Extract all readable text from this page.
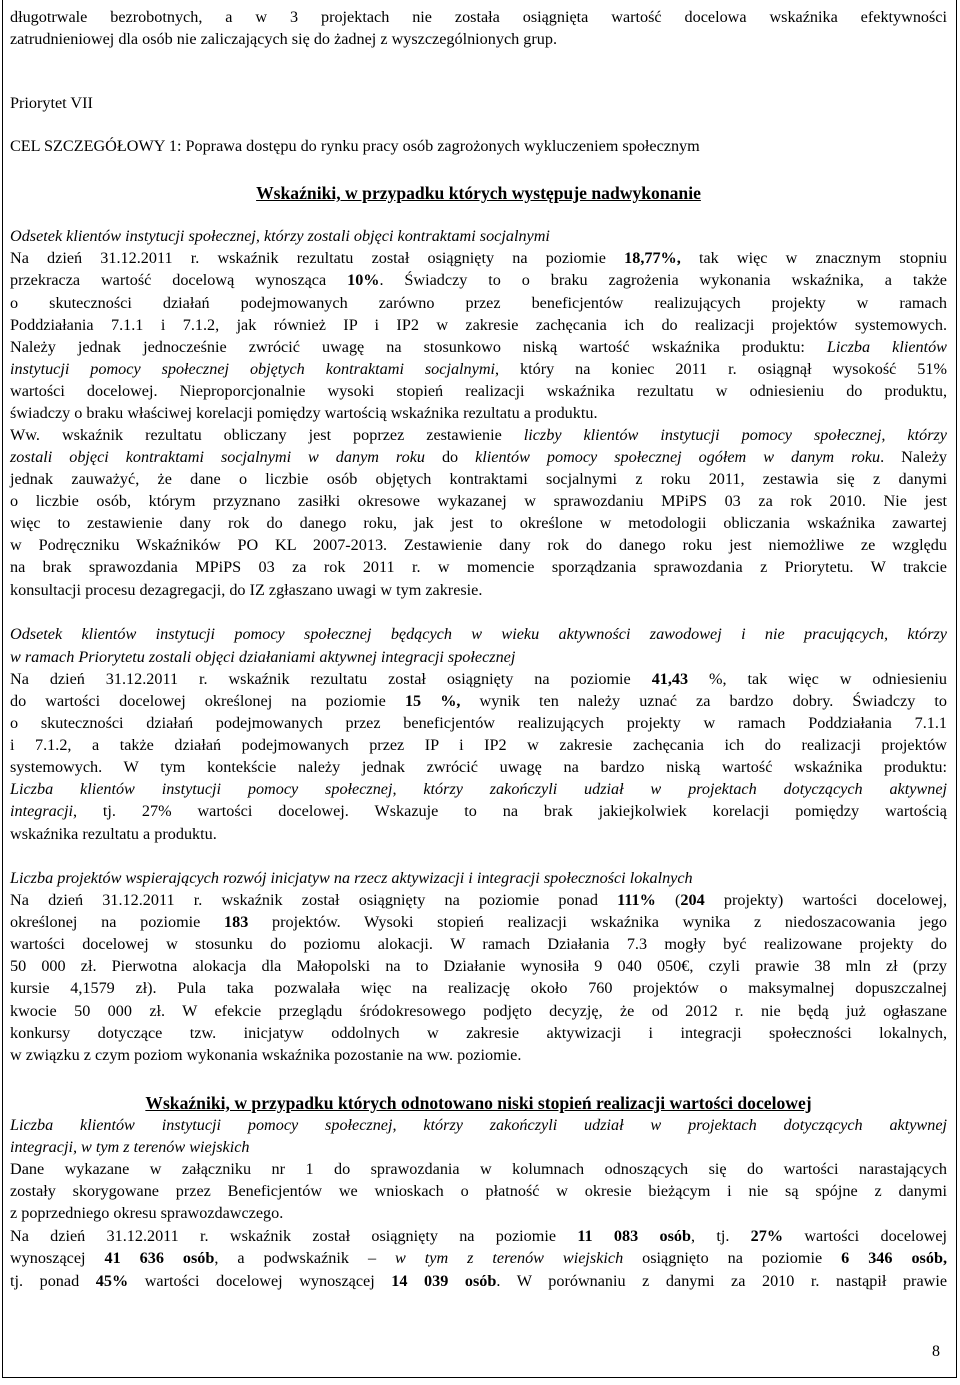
długotrwale bezrobotnych, a w 3 projektach nie została osiągnięta wartość docelowa wskaźnika efektywności
zatrudnieniowej dla osób nie zaliczających się do żadnej z wyszczególnionych grup.
Priorytet VII
CEL SZCZEGÓŁOWY 1: Poprawa dostępu do rynku pracy osób zagrożonych wykluczeniem społecznym
Wskaźniki, w przypadku których występuje nadwykonanie
Odsetek klientów instytucji społecznej, którzy zostali objęci kontraktami socjalnymi
Na dzień 31.12.2011 r. wskaźnik rezultatu został osiągnięty na poziomie 18,77%, tak więc w znacznym stopniu
przekracza wartość docelową wynosząca 10%. Świadczy to o braku zagrożenia wykonania wskaźnika, a także
o skuteczności działań podejmowanych zarówno przez beneficjentów realizujących projekty w ramach
Poddziałania 7.1.1 i 7.1.2, jak również IP i IP2 w zakresie zachęcania ich do realizacji projektów systemowych.
Należy jednak jednocześnie zwrócić uwagę na stosunkowo niską wartość wskaźnika produktu: Liczba klientów
instytucji pomocy społecznej objętych kontraktami socjalnymi, który na koniec 2011 r. osiągnął wysokość 51%
wartości docelowej. Nieproporcjonalnie wysoki stopień realizacji wskaźnika rezultatu w odniesieniu do produktu,
świadczy o braku właściwej korelacji pomiędzy wartością wskaźnika rezultatu a produktu.
Ww. wskaźnik rezultatu obliczany jest poprzez zestawienie liczby klientów instytucji pomocy społecznej, którzy
zostali objęci kontraktami socjalnymi w danym roku do klientów pomocy społecznej ogółem w danym roku. Należy
jednak zauważyć, że dane o liczbie osób objętych kontraktami socjalnymi z roku 2011, zestawia się z danymi
o liczbie osób, którym przyznano zasiłki okresowe wykazanej w sprawozdaniu MPiPS 03 za rok 2010. Nie jest
więc to zestawienie dany rok do danego roku, jak jest to określone w metodologii obliczania wskaźnika zawartej
w Podręczniku Wskaźników PO KL 2007-2013. Zestawienie dany rok do danego roku jest niemożliwe ze względu
na brak sprawozdania MPiPS 03 za rok 2011 r. w momencie sporządzania sprawozdania z Priorytetu. W trakcie
konsultacji procesu dezagregacji, do IZ zgłaszano uwagi w tym zakresie.
Odsetek klientów instytucji pomocy społecznej będących w wieku aktywności zawodowej i nie pracujących, którzy
w ramach Priorytetu zostali objęci działaniami aktywnej integracji społecznej
Na dzień 31.12.2011 r. wskaźnik rezultatu został osiągnięty na poziomie 41,43 %, tak więc w odniesieniu
do wartości docelowej określonej na poziomie 15 %, wynik ten należy uznać za bardzo dobry. Świadczy to
o skuteczności działań podejmowanych przez beneficjentów realizujących projekty w ramach Poddziałania 7.1.1
i 7.1.2, a także działań podejmowanych przez IP i IP2 w zakresie zachęcania ich do realizacji projektów
systemowych. W tym kontekście należy jednak zwrócić uwagę na bardzo niską wartość wskaźnika produktu:
Liczba klientów instytucji pomocy społecznej, którzy zakończyli udział w projektach dotyczących aktywnej
integracji, tj. 27% wartości docelowej. Wskazuje to na brak jakiejkolwiek korelacji pomiędzy wartością
wskaźnika rezultatu a produktu.
Liczba projektów wspierających rozwój inicjatyw na rzecz aktywizacji i integracji społeczności lokalnych
Na dzień 31.12.2011 r. wskaźnik został osiągnięty na poziomie ponad 111% (204 projekty) wartości docelowej,
określonej na poziomie 183 projektów. Wysoki stopień realizacji wskaźnika wynika z niedoszacowania jego
wartości docelowej w stosunku do poziomu alokacji. W ramach Działania 7.3 mogły być realizowane projekty do
50 000 zł. Pierwotna alokacja dla Małopolski na to Działanie wynosiła 9 040 050€, czyli prawie 38 mln zł (przy
kursie 4,1579 zł). Pula taka pozwalała więc na realizację około 760 projektów o maksymalnej dopuszczalnej
kwocie 50 000 zł. W efekcie przeglądu śródokresowego podjęto decyzję, że od 2012 r. nie będą już ogłaszane
konkursy dotyczące tzw. inicjatyw oddolnych w zakresie aktywizacji i integracji społeczności lokalnych,
w związku z czym poziom wykonania wskaźnika pozostanie na ww. poziomie.
Wskaźniki, w przypadku których odnotowano niski stopień realizacji wartości docelowej
Liczba klientów instytucji pomocy społecznej, którzy zakończyli udział w projektach dotyczących aktywnej
integracji, w tym z terenów wiejskich
Dane wykazane w załączniku nr 1 do sprawozdania w kolumnach odnoszących się do wartości narastających
zostały skorygowane przez Beneficjentów we wnioskach o płatność w okresie bieżącym i nie są spójne z danymi
z poprzedniego okresu sprawozdawczego.
Na dzień 31.12.2011 r. wskaźnik został osiągnięty na poziomie 11 083 osób, tj. 27% wartości docelowej
wynoszącej 41 636 osób, a podwskaźnik – w tym z terenów wiejskich osiągnięto na poziomie 6 346 osób,
tj. ponad 45% wartości docelowej wynoszącej 14 039 osób. W porównaniu z danymi za 2010 r. nastąpił prawie
8
